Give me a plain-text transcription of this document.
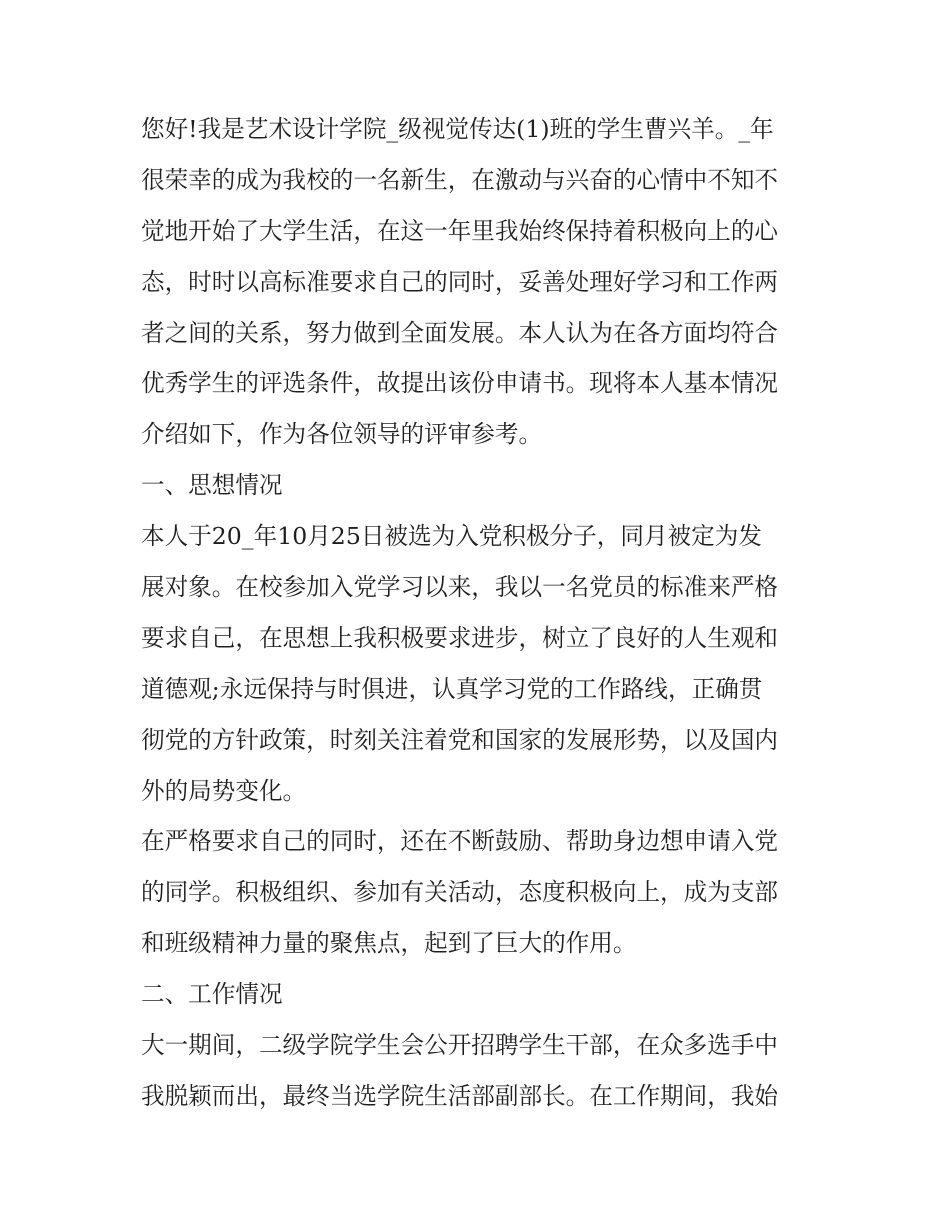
您好!我是艺术设计学院_级视觉传达(1)班的学生曹兴羊。_年
很荣幸的成为我校的一名新生，在激动与兴奋的心情中不知不
觉地开始了大学生活，在这一年里我始终保持着积极向上的心
态，时时以高标准要求自己的同时，妥善处理好学习和工作两
者之间的关系，努力做到全面发展。本人认为在各方面均符合
优秀学生的评选条件，故提出该份申请书。现将本人基本情况
介绍如下，作为各位领导的评审参考。
一、思想情况
本人于20_年10月25日被选为入党积极分子，同月被定为发
展对象。在校参加入党学习以来，我以一名党员的标准来严格
要求自己，在思想上我积极要求进步，树立了良好的人生观和
道德观;永远保持与时俱进，认真学习党的工作路线，正确贯
彻党的方针政策，时刻关注着党和国家的发展形势，以及国内
外的局势变化。
在严格要求自己的同时，还在不断鼓励、帮助身边想申请入党
的同学。积极组织、参加有关活动，态度积极向上，成为支部
和班级精神力量的聚焦点，起到了巨大的作用。
二、工作情况
大一期间，二级学院学生会公开招聘学生干部，在众多选手中
我脱颖而出，最终当选学院生活部副部长。在工作期间，我始
